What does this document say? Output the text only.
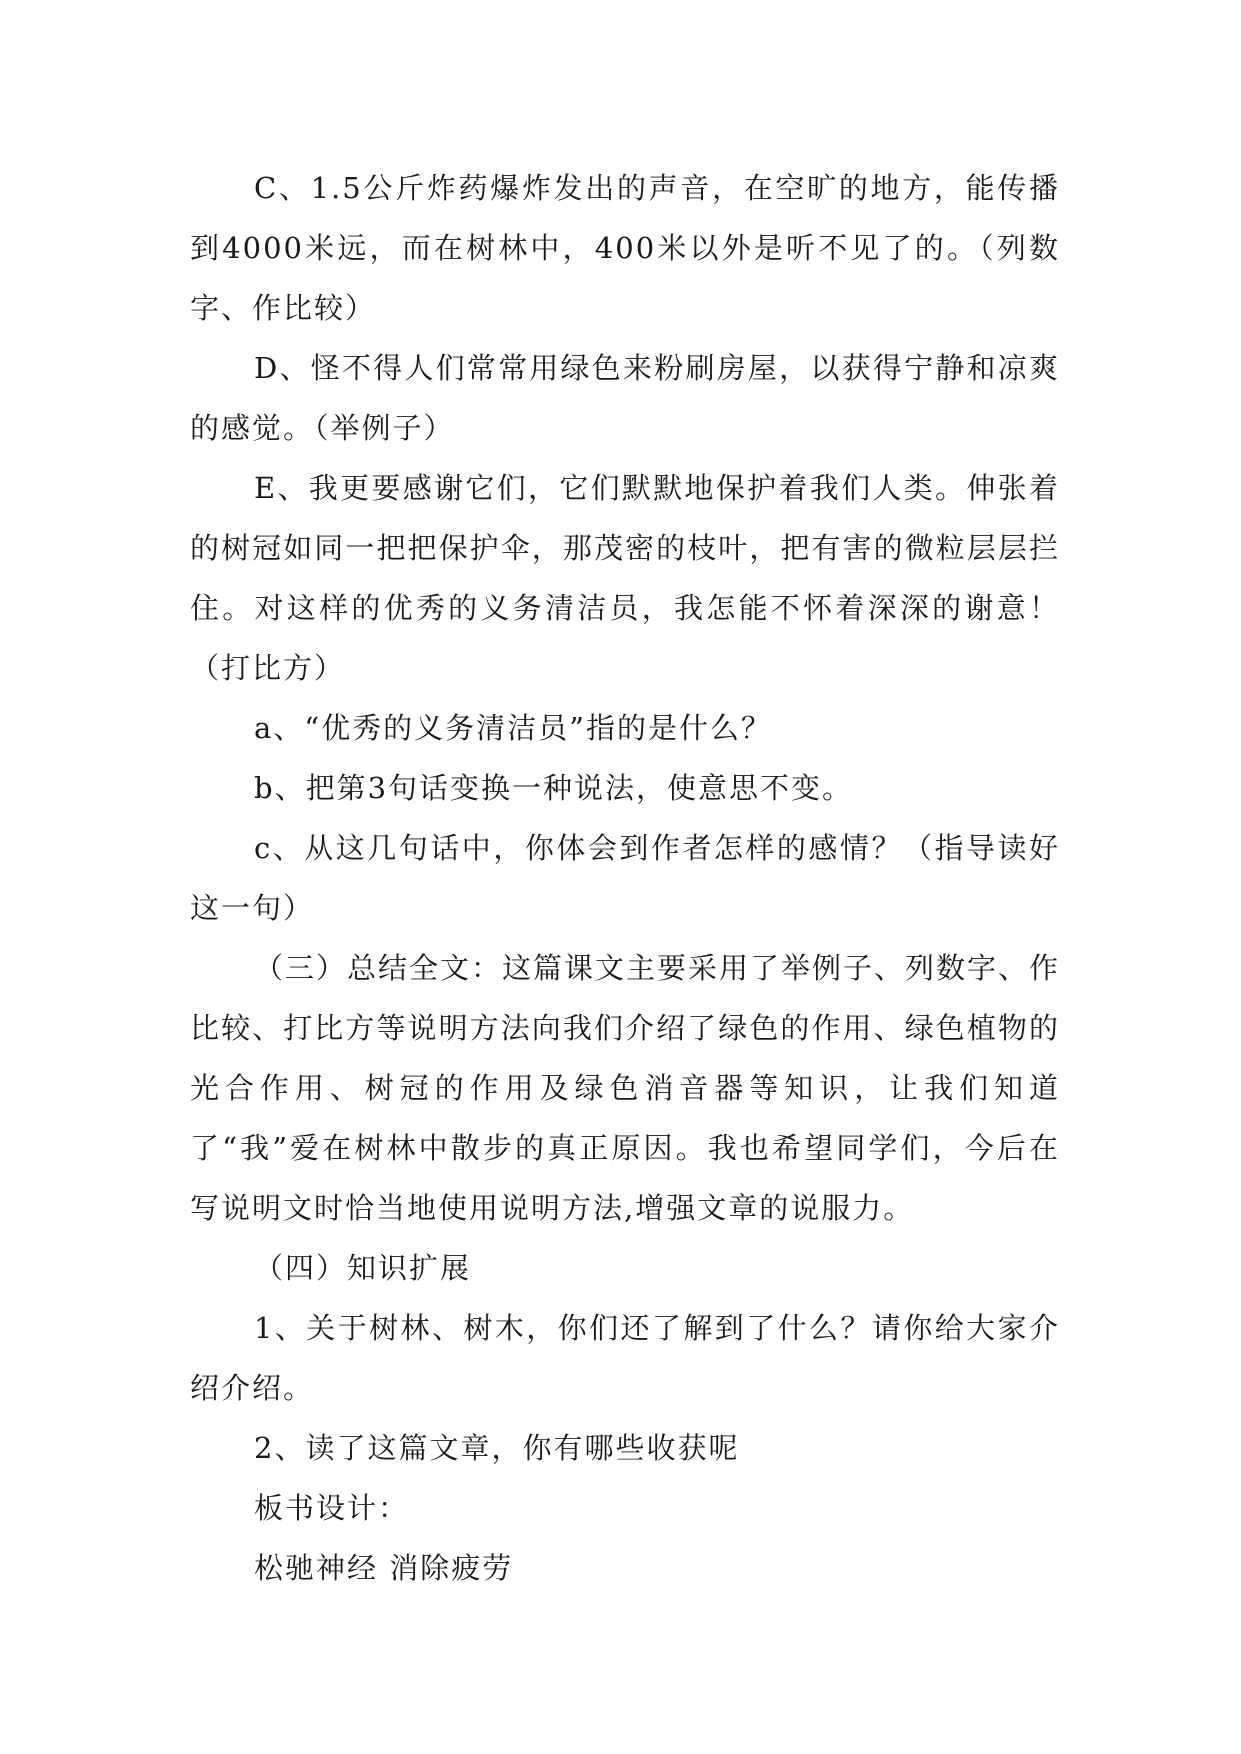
C、1.5公斤炸药爆炸发出的声音，在空旷的地方，能传播到4000米远，而在树林中，400米以外是听不见了的。（列数字、作比较）

D、怪不得人们常常用绿色来粉刷房屋，以获得宁静和凉爽的感觉。（举例子）

E、我更要感谢它们，它们默默地保护着我们人类。伸张着的树冠如同一把把保护伞，那茂密的枝叶，把有害的微粒层层拦住。对这样的优秀的义务清洁员，我怎能不怀着深深的谢意！（打比方）

a、“优秀的义务清洁员”指的是什么？

b、把第3句话变换一种说法，使意思不变。

c、从这几句话中，你体会到作者怎样的感情？（指导读好这一句）

（三）总结全文：这篇课文主要采用了举例子、列数字、作比较、打比方等说明方法向我们介绍了绿色的作用、绿色植物的光合作用、树冠的作用及绿色消音器等知识，让我们知道了“我”爱在树林中散步的真正原因。我也希望同学们，今后在写说明文时恰当地使用说明方法,增强文章的说服力。

（四）知识扩展

1、关于树林、树木，你们还了解到了什么？请你给大家介绍介绍。

2、读了这篇文章，你有哪些收获呢

板书设计：

松驰神经 消除疲劳
